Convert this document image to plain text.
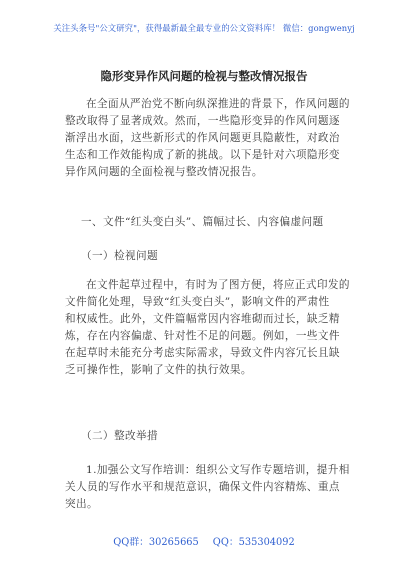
关注头条号"公文研究"，获得最新最全最专业的公文资料库！ 微信：gongwenyj
隐形变异作风问题的检视与整改情况报告
在全面从严治党不断向纵深推进的背景下，作风问题的
整改取得了显著成效。然而，一些隐形变异的作风问题逐
渐浮出水面，这些新形式的作风问题更具隐蔽性，对政治
生态和工作效能构成了新的挑战。以下是针对六项隐形变
异作风问题的全面检视与整改情况报告。
一、文件“红头变白头”、篇幅过长、内容偏虚问题
（一）检视问题
在文件起草过程中，有时为了图方便，将应正式印发的
文件简化处理，导致“红头变白头”，影响文件的严肃性
和权威性。此外，文件篇幅常因内容堆砌而过长，缺乏精
炼，存在内容偏虚、针对性不足的问题。例如，一些文件
在起草时未能充分考虑实际需求，导致文件内容冗长且缺
乏可操作性，影响了文件的执行效果。
（二）整改举措
1.加强公文写作培训：组织公文写作专题培训，提升相
关人员的写作水平和规范意识，确保文件内容精炼、重点
突出。
QQ群：30265665 QQ：535304092
